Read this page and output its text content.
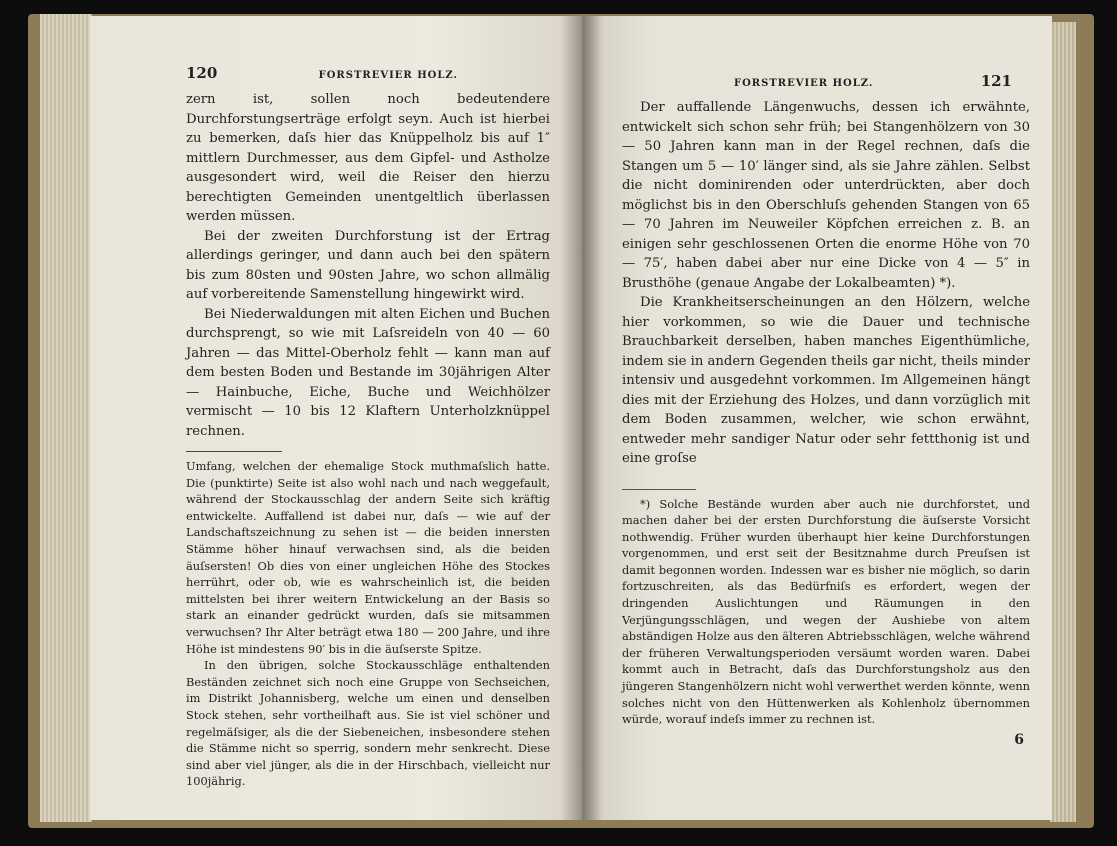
120	FORSTREVIER HOLZ.

zern ist, sollen noch bedeutendere Durchforstungserträge erfolgt seyn. Auch ist hierbei zu bemerken, daſs hier das Knüppelholz bis auf 1″ mittlern Durchmesser, aus dem Gipfel- und Astholze ausgesondert wird, weil die Reiser den hierzu berechtigten Gemeinden unentgeltlich überlassen werden müssen.

Bei der zweiten Durchforstung ist der Ertrag allerdings geringer, und dann auch bei den spätern bis zum 80sten und 90sten Jahre, wo schon allmälig auf vorbereitende Samenstellung hingewirkt wird.

Bei Niederwaldungen mit alten Eichen und Buchen durchsprengt, so wie mit Laſsreideln von 40 — 60 Jahren — das Mittel-Oberholz fehlt — kann man auf dem besten Boden und Bestande im 30jährigen Alter — Hainbuche, Eiche, Buche und Weichhölzer vermischt — 10 bis 12 Klaftern Unterholzknüppel rechnen.

Umfang, welchen der ehemalige Stock muthmaſslich hatte. Die (punktirte) Seite ist also wohl nach und nach weggefault, während der Stockausschlag der andern Seite sich kräftig entwickelte. Auffallend ist dabei nur, daſs — wie auf der Landschaftszeichnung zu sehen ist — die beiden innersten Stämme höher hinauf verwachsen sind, als die beiden äuſsersten! Ob dies von einer ungleichen Höhe des Stockes herrührt, oder ob, wie es wahrscheinlich ist, die beiden mittelsten bei ihrer weitern Entwickelung an der Basis so stark an einander gedrückt wurden, daſs sie mitsammen verwuchsen? Ihr Alter beträgt etwa 180 — 200 Jahre, und ihre Höhe ist mindestens 90′ bis in die äuſserste Spitze.

In den übrigen, solche Stockausschläge enthaltenden Beständen zeichnet sich noch eine Gruppe von Sechseichen, im Distrikt Johannisberg, welche um einen und denselben Stock stehen, sehr vortheilhaft aus. Sie ist viel schöner und regelmäſsiger, als die der Siebeneichen, insbesondere stehen die Stämme nicht so sperrig, sondern mehr senkrecht. Diese sind aber viel jünger, als die in der Hirschbach, vielleicht nur 100jährig.

FORSTREVIER HOLZ.	121

Der auffallende Längenwuchs, dessen ich erwähnte, entwickelt sich schon sehr früh; bei Stangenhölzern von 30 — 50 Jahren kann man in der Regel rechnen, daſs die Stangen um 5 — 10′ länger sind, als sie Jahre zählen. Selbst die nicht dominirenden oder unterdrückten, aber doch möglichst bis in den Oberschluſs gehenden Stangen von 65 — 70 Jahren im Neuweiler Köpfchen erreichen z. B. an einigen sehr geschlossenen Orten die enorme Höhe von 70 — 75′, haben dabei aber nur eine Dicke von 4 — 5″ in Brusthöhe (genaue Angabe der Lokalbeamten) *).

Die Krankheitserscheinungen an den Hölzern, welche hier vorkommen, so wie die Dauer und technische Brauchbarkeit derselben, haben manches Eigenthümliche, indem sie in andern Gegenden theils gar nicht, theils minder intensiv und ausgedehnt vorkommen. Im Allgemeinen hängt dies mit der Erziehung des Holzes, und dann vorzüglich mit dem Boden zusammen, welcher, wie schon erwähnt, entweder mehr sandiger Natur oder sehr fettthonig ist und eine groſse

*) Solche Bestände wurden aber auch nie durchforstet, und machen daher bei der ersten Durchforstung die äuſserste Vorsicht nothwendig. Früher wurden überhaupt hier keine Durchforstungen vorgenommen, und erst seit der Besitznahme durch Preuſsen ist damit begonnen worden. Indessen war es bisher nie möglich, so darin fortzuschreiten, als das Bedürfniſs es erfordert, wegen der dringenden Auslichtungen und Räumungen in den Verjüngungsschlägen, und wegen der Aushiebe von altem abständigen Holze aus den älteren Abtriebsschlägen, welche während der früheren Verwaltungsperioden versäumt worden waren. Dabei kommt auch in Betracht, daſs das Durchforstungsholz aus den jüngeren Stangenhölzern nicht wohl verwerthet werden könnte, wenn solches nicht von den Hüttenwerken als Kohlenholz übernommen würde, worauf indeſs immer zu rechnen ist.

6
